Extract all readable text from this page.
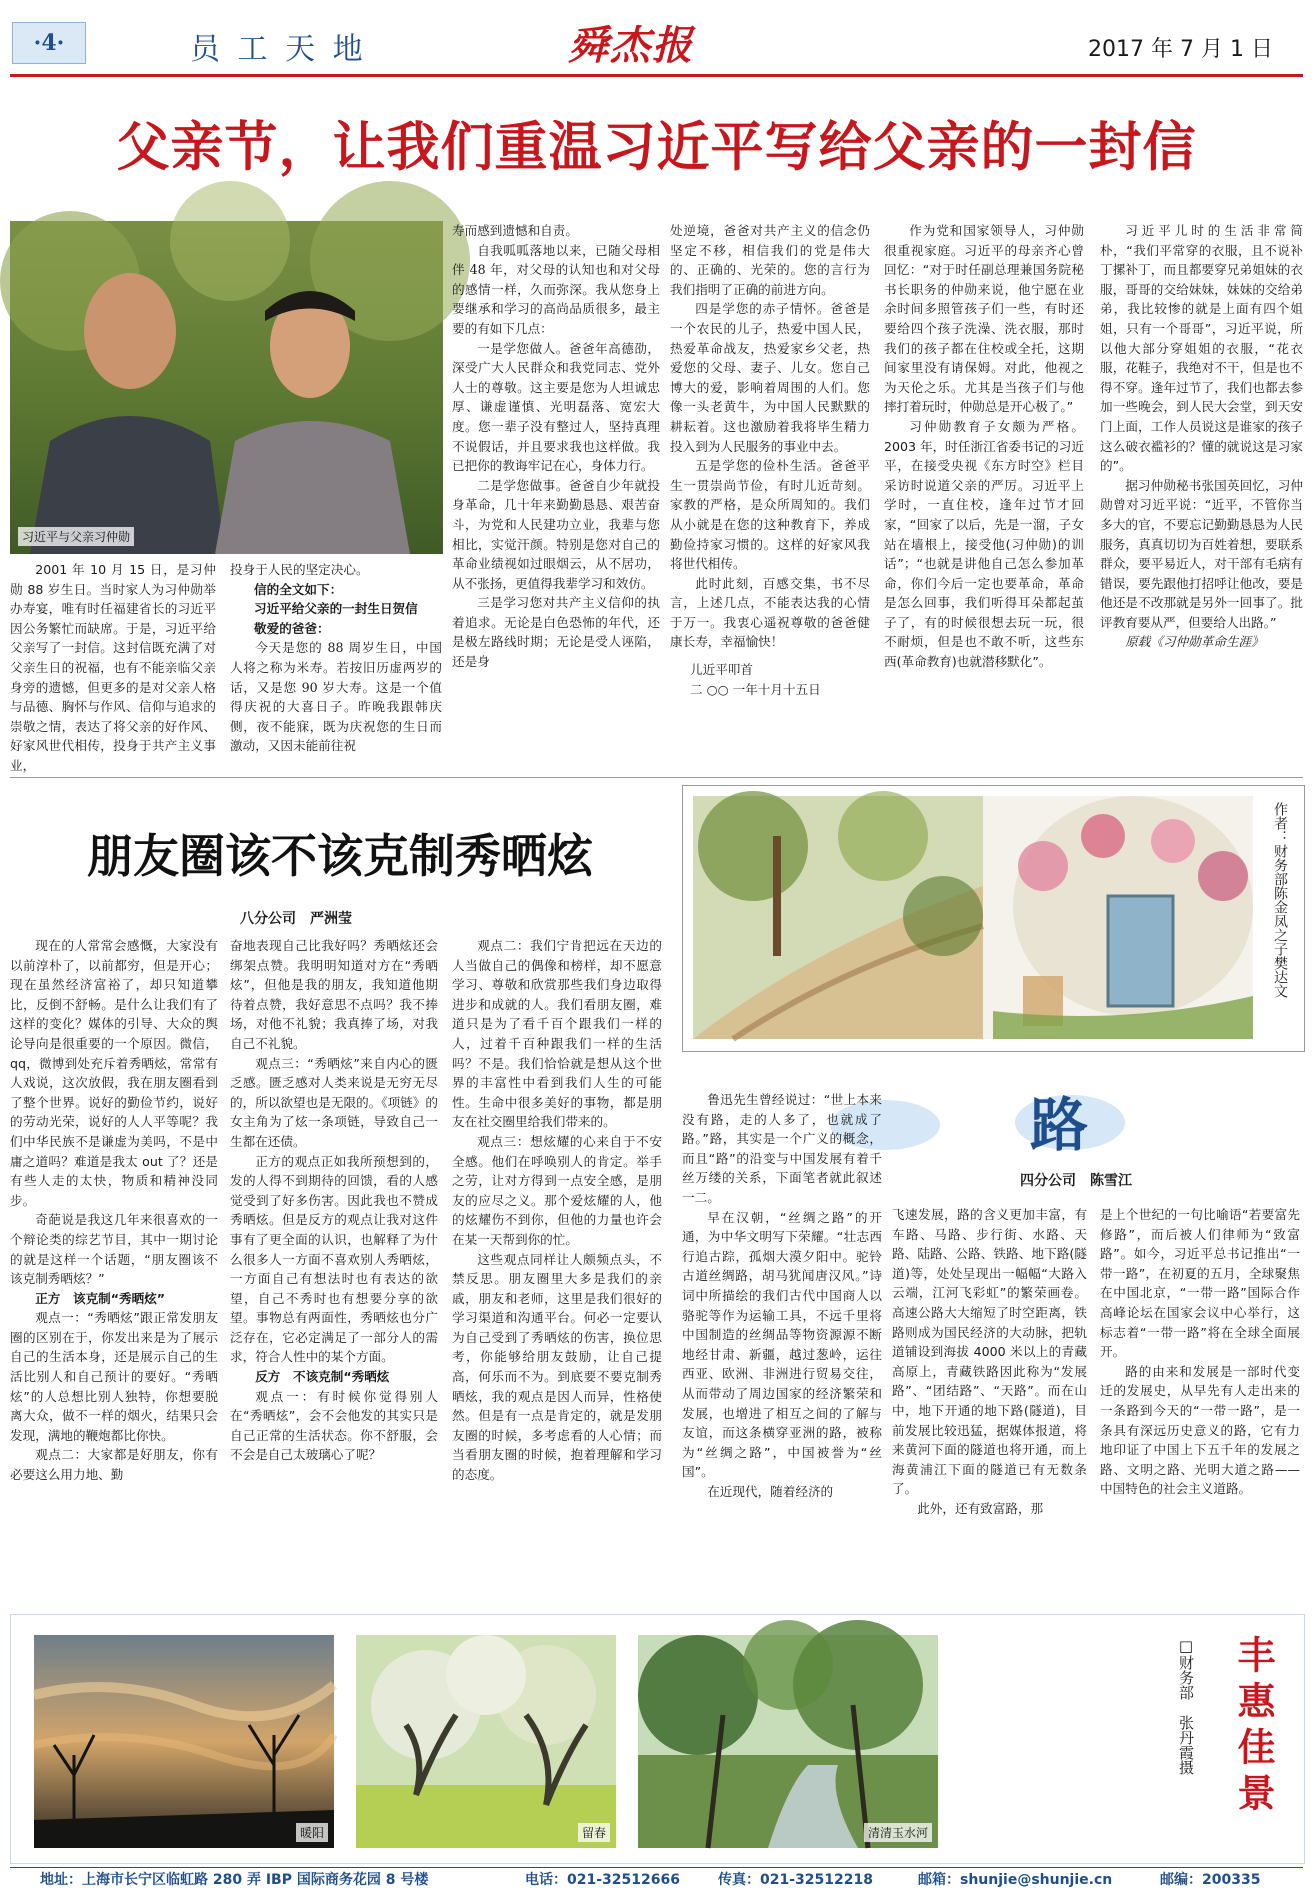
·4·	员 工 天 地	舜杰报	2017 年 7 月 1 日
父亲节，让我们重温习近平写给父亲的一封信
习近平与父亲习仲勋

2001 年 10 月 15 日，是习仲勋 88 岁生日。当时家人为习仲勋举办寿宴，唯有时任福建省长的习近平因公务繁忙而缺席。于是，习近平给父亲写了一封信。这封信既充满了对父亲生日的祝福，也有不能亲临父亲身旁的遗憾，但更多的是对父亲人格与品德、胸怀与作风、信仰与追求的崇敬之情，表达了将父亲的好作风、好家风世代相传，投身于共产主义事业，

投身于人民的坚定决心。

信的全文如下：

习近平给父亲的一封生日贺信

敬爱的爸爸：

今天是您的 88 周岁生日，中国人将之称为米寿。若按旧历虚两岁的话，又是您 90 岁大寿。这是一个值得庆祝的大喜日子。昨晚我跟韩庆侧，夜不能寐，既为庆祝您的生日而激动，又因未能前往祝

寿而感到遗憾和自责。

自我呱呱落地以来，已随父母相伴 48 年，对父母的认知也和对父母的感情一样，久而弥深。我从您身上要继承和学习的高尚品质很多，最主要的有如下几点：

一是学您做人。爸爸年高德劭，深受广大人民群众和我党同志、党外人士的尊敬。这主要是您为人坦诚忠厚、谦虚谨慎、光明磊落、宽宏大度。您一辈子没有整过人，坚持真理不说假话，并且要求我也这样做。我已把你的教诲牢记在心，身体力行。

二是学您做事。爸爸自少年就投身革命，几十年来勤勤恳恳、艰苦奋斗，为党和人民建功立业，我辈与您相比，实觉汗颜。特别是您对自己的革命业绩视如过眼烟云，从不居功，从不张扬，更值得我辈学习和效仿。

三是学习您对共产主义信仰的执着追求。无论是白色恐怖的年代，还是极左路线时期；无论是受人诬陷，还是身

处逆境，爸爸对共产主义的信念仍坚定不移，相信我们的党是伟大的、正确的、光荣的。您的言行为我们指明了正确的前进方向。

四是学您的赤子情怀。爸爸是一个农民的儿子，热爱中国人民，热爱革命战友，热爱家乡父老，热爱您的父母、妻子、儿女。您自己博大的爱，影响着周围的人们。您像一头老黄牛，为中国人民默默的耕耘着。这也激励着我将毕生精力投入到为人民服务的事业中去。

五是学您的俭朴生活。爸爸平生一贯崇尚节俭，有时儿近苛刻。家教的严格，是众所周知的。我们从小就是在您的这种教育下，养成勤俭持家习惯的。这样的好家风我将世代相传。

此时此刻，百感交集，书不尽言，上述几点，不能表达我的心情于万一。我衷心遥祝尊敬的爸爸健康长寿，幸福愉快！

儿近平叩首

二 ○○ 一年十月十五日

作为党和国家领导人，习仲勋很重视家庭。习近平的母亲齐心曾回忆：“对于时任副总理兼国务院秘书长职务的仲勋来说，他宁愿在业余时间多照管孩子们一些，有时还要给四个孩子洗澡、洗衣服，那时我们的孩子都在住校或全托，这期间家里没有请保姆。对此，他视之为天伦之乐。尤其是当孩子们与他摔打着玩时，仲勋总是开心极了。”

习仲勋教育子女颇为严格。2003 年，时任浙江省委书记的习近平，在接受央视《东方时空》栏目采访时说道父亲的严厉。习近平上学时，一直住校，逢年过节才回家，“回家了以后，先是一溜，子女站在墙根上，接受他(习仲勋)的训话”；“也就是讲他自己怎么参加革命，你们今后一定也要革命，革命是怎么回事，我们听得耳朵都起茧子了，有的时候很想去玩一玩，很不耐烦，但是也不敢不听，这些东西(革命教育)也就潜移默化”。

习近平儿时的生活非常简朴，“我们平常穿的衣服，且不说补丁摞补丁，而且都要穿兄弟姐妹的衣服，哥哥的交给妹妹，妹妹的交给弟弟，我比较惨的就是上面有四个姐姐，只有一个哥哥”，习近平说，所以他大部分穿姐姐的衣服，“花衣服，花鞋子，我绝对不干，但是也不得不穿。逢年过节了，我们也都去参加一些晚会，到人民大会堂，到天安门上面，工作人员说这是谁家的孩子这么破衣褴衫的？懂的就说这是习家的”。

据习仲勋秘书张国英回忆，习仲勋曾对习近平说：“近平，不管你当多大的官，不要忘记勤勤恳恳为人民服务，真真切切为百姓着想，要联系群众，要平易近人，对干部有毛病有错误，要先跟他打招呼让他改，要是他还是不改那就是另外一回事了。批评教育要从严，但要给人出路。”

原载《习仲勋革命生涯》

朋友圈该不该克制秀晒炫
八分公司　严洲莹

现在的人常常会感慨，大家没有以前淳朴了，以前都穷，但是开心；现在虽然经济富裕了，却只知道攀比，反倒不舒畅。是什么让我们有了这样的变化？媒体的引导、大众的舆论导向是很重要的一个原因。微信，qq，微博到处充斥着秀晒炫，常常有人戏说，这次放假，我在朋友圈看到了整个世界。说好的勤俭节约，说好的劳动光荣，说好的人人平等呢？我们中华民族不是谦虚为美吗，不是中庸之道吗？难道是我太 out 了？还是有些人走的太快，物质和精神没同步。

奇葩说是我这几年来很喜欢的一个辩论类的综艺节目，其中一期讨论的就是这样一个话题，“朋友圈该不该克制秀晒炫？”

正方　该克制“秀晒炫”

观点一：“秀晒炫”跟正常发朋友圈的区别在于，你发出来是为了展示自己的生活本身，还是展示自己的生活比别人和自己预计的要好。“秀晒炫”的人总想比别人独特，你想要脱离大众，做不一样的烟火，结果只会发现，满地的鞭炮都比你快。

观点二：大家都是好朋友，你有必要这么用力地、勤

奋地表现自己比我好吗？秀晒炫还会绑架点赞。我明明知道对方在“秀晒炫”，但他是我的朋友，我知道他期待着点赞，我好意思不点吗？我不捧场，对他不礼貌；我真捧了场，对我自己不礼貌。

观点三：“秀晒炫”来自内心的匮乏感。匮乏感对人类来说是无穷无尽的，所以欲望也是无限的。《项链》的女主角为了炫一条项链，导致自己一生都在还债。

正方的观点正如我所预想到的，发的人得不到期待的回馈，看的人感觉受到了好多伤害。因此我也不赞成秀晒炫。但是反方的观点让我对这件事有了更全面的认识，也解释了为什么很多人一方面不喜欢别人秀晒炫，一方面自己有想法时也有表达的欲望，自己不秀时也有想要分享的欲望。事物总有两面性，秀晒炫也分广泛存在，它必定满足了一部分人的需求，符合人性中的某个方面。

反方　不该克制“秀晒炫

观点一：有时候你觉得别人在“秀晒炫”，会不会他发的其实只是自己正常的生活状态。你不舒服，会不会是自己太玻璃心了呢？

观点二：我们宁肯把远在天边的人当做自己的偶像和榜样，却不愿意学习、尊敬和欣赏那些我们身边取得进步和成就的人。我们看朋友圈，难道只是为了看千百个跟我们一样的人，过着千百种跟我们一样的生活吗？不是。我们恰恰就是想从这个世界的丰富性中看到我们人生的可能性。生命中很多美好的事物，都是朋友在社交圈里给我们带来的。

观点三：想炫耀的心来自于不安全感。他们在呼唤别人的肯定。举手之劳，让对方得到一点安全感，是朋友的应尽之义。那个爱炫耀的人，他的炫耀伤不到你，但他的力量也许会在某一天帮到你的忙。

这些观点同样让人颇频点头，不禁反思。朋友圈里大多是我们的亲戚，朋友和老师，这里是我们很好的学习渠道和沟通平台。何必一定要认为自己受到了秀晒炫的伤害，换位思考，你能够给朋友鼓励，让自己提高，何乐而不为。到底要不要克制秀晒炫，我的观点是因人而异，性格使然。但是有一点是肯定的，就是发朋友圈的时候，多考虑看的人心情；而当看朋友圈的时候，抱着理解和学习的态度。

作者：财务部陈金凤之子樊达文
路
四分公司　陈雪江

鲁迅先生曾经说过：“世上本来没有路，走的人多了，也就成了路。”路，其实是一个广义的概念，而且“路”的沿变与中国发展有着千丝万缕的关系，下面笔者就此叙述一二。

早在汉朝，“丝绸之路”的开通，为中华文明写下荣耀。“壮志西行追古踪，孤烟大漠夕阳中。驼铃古道丝绸路，胡马犹闻唐汉风。”诗词中所描绘的我们古代中国商人以骆驼等作为运输工具，不远千里将中国制造的丝绸品等物资源源不断地经甘肃、新疆，越过葱岭，运往西亚、欧洲、非洲进行贸易交往，从而带动了周边国家的经济繁荣和发展，也增进了相互之间的了解与友谊，而这条横穿亚洲的路，被称为“丝绸之路”，中国被誉为“丝国”。

在近现代，随着经济的

飞速发展，路的含义更加丰富，有车路、马路、步行街、水路、天路、陆路、公路、铁路、地下路(隧道)等，处处呈现出一幅幅“大路入云端，江河飞彩虹”的繁荣画卷。高速公路大大缩短了时空距离，铁路则成为国民经济的大动脉，把轨道铺设到海拔 4000 米以上的青藏高原上，青藏铁路因此称为“发展路”、“团结路”、“天路”。而在山中，地下开通的地下路(隧道)，目前发展比较迅猛，据媒体报道，将来黄河下面的隧道也将开通，而上海黄浦江下面的隧道已有无数条了。

此外，还有致富路，那

是上个世纪的一句比喻语“若要富先修路”，而后被人们律师为“致富路”。如今，习近平总书记推出“一带一路”，在初夏的五月，全球聚焦在中国北京，“一带一路”国际合作高峰论坛在国家会议中心举行，这标志着“一带一路”将在全球全面展开。

路的由来和发展是一部时代变迁的发展史，从早先有人走出来的一条路到今天的“一带一路”，是一条具有深远历史意义的路，它有力地印证了中国上下五千年的发展之路、文明之路、光明大道之路——中国特色的社会主义道路。

暖阳	留春	清清玉水河
□财务部　张丹霞摄 丰惠佳景
地址：上海市长宁区临虹路 280 弄 IBP 国际商务花园 8 号楼	电话：021-32512666	传真：021-32512218	邮箱：shunjie@shunjie.cn	邮编：200335
